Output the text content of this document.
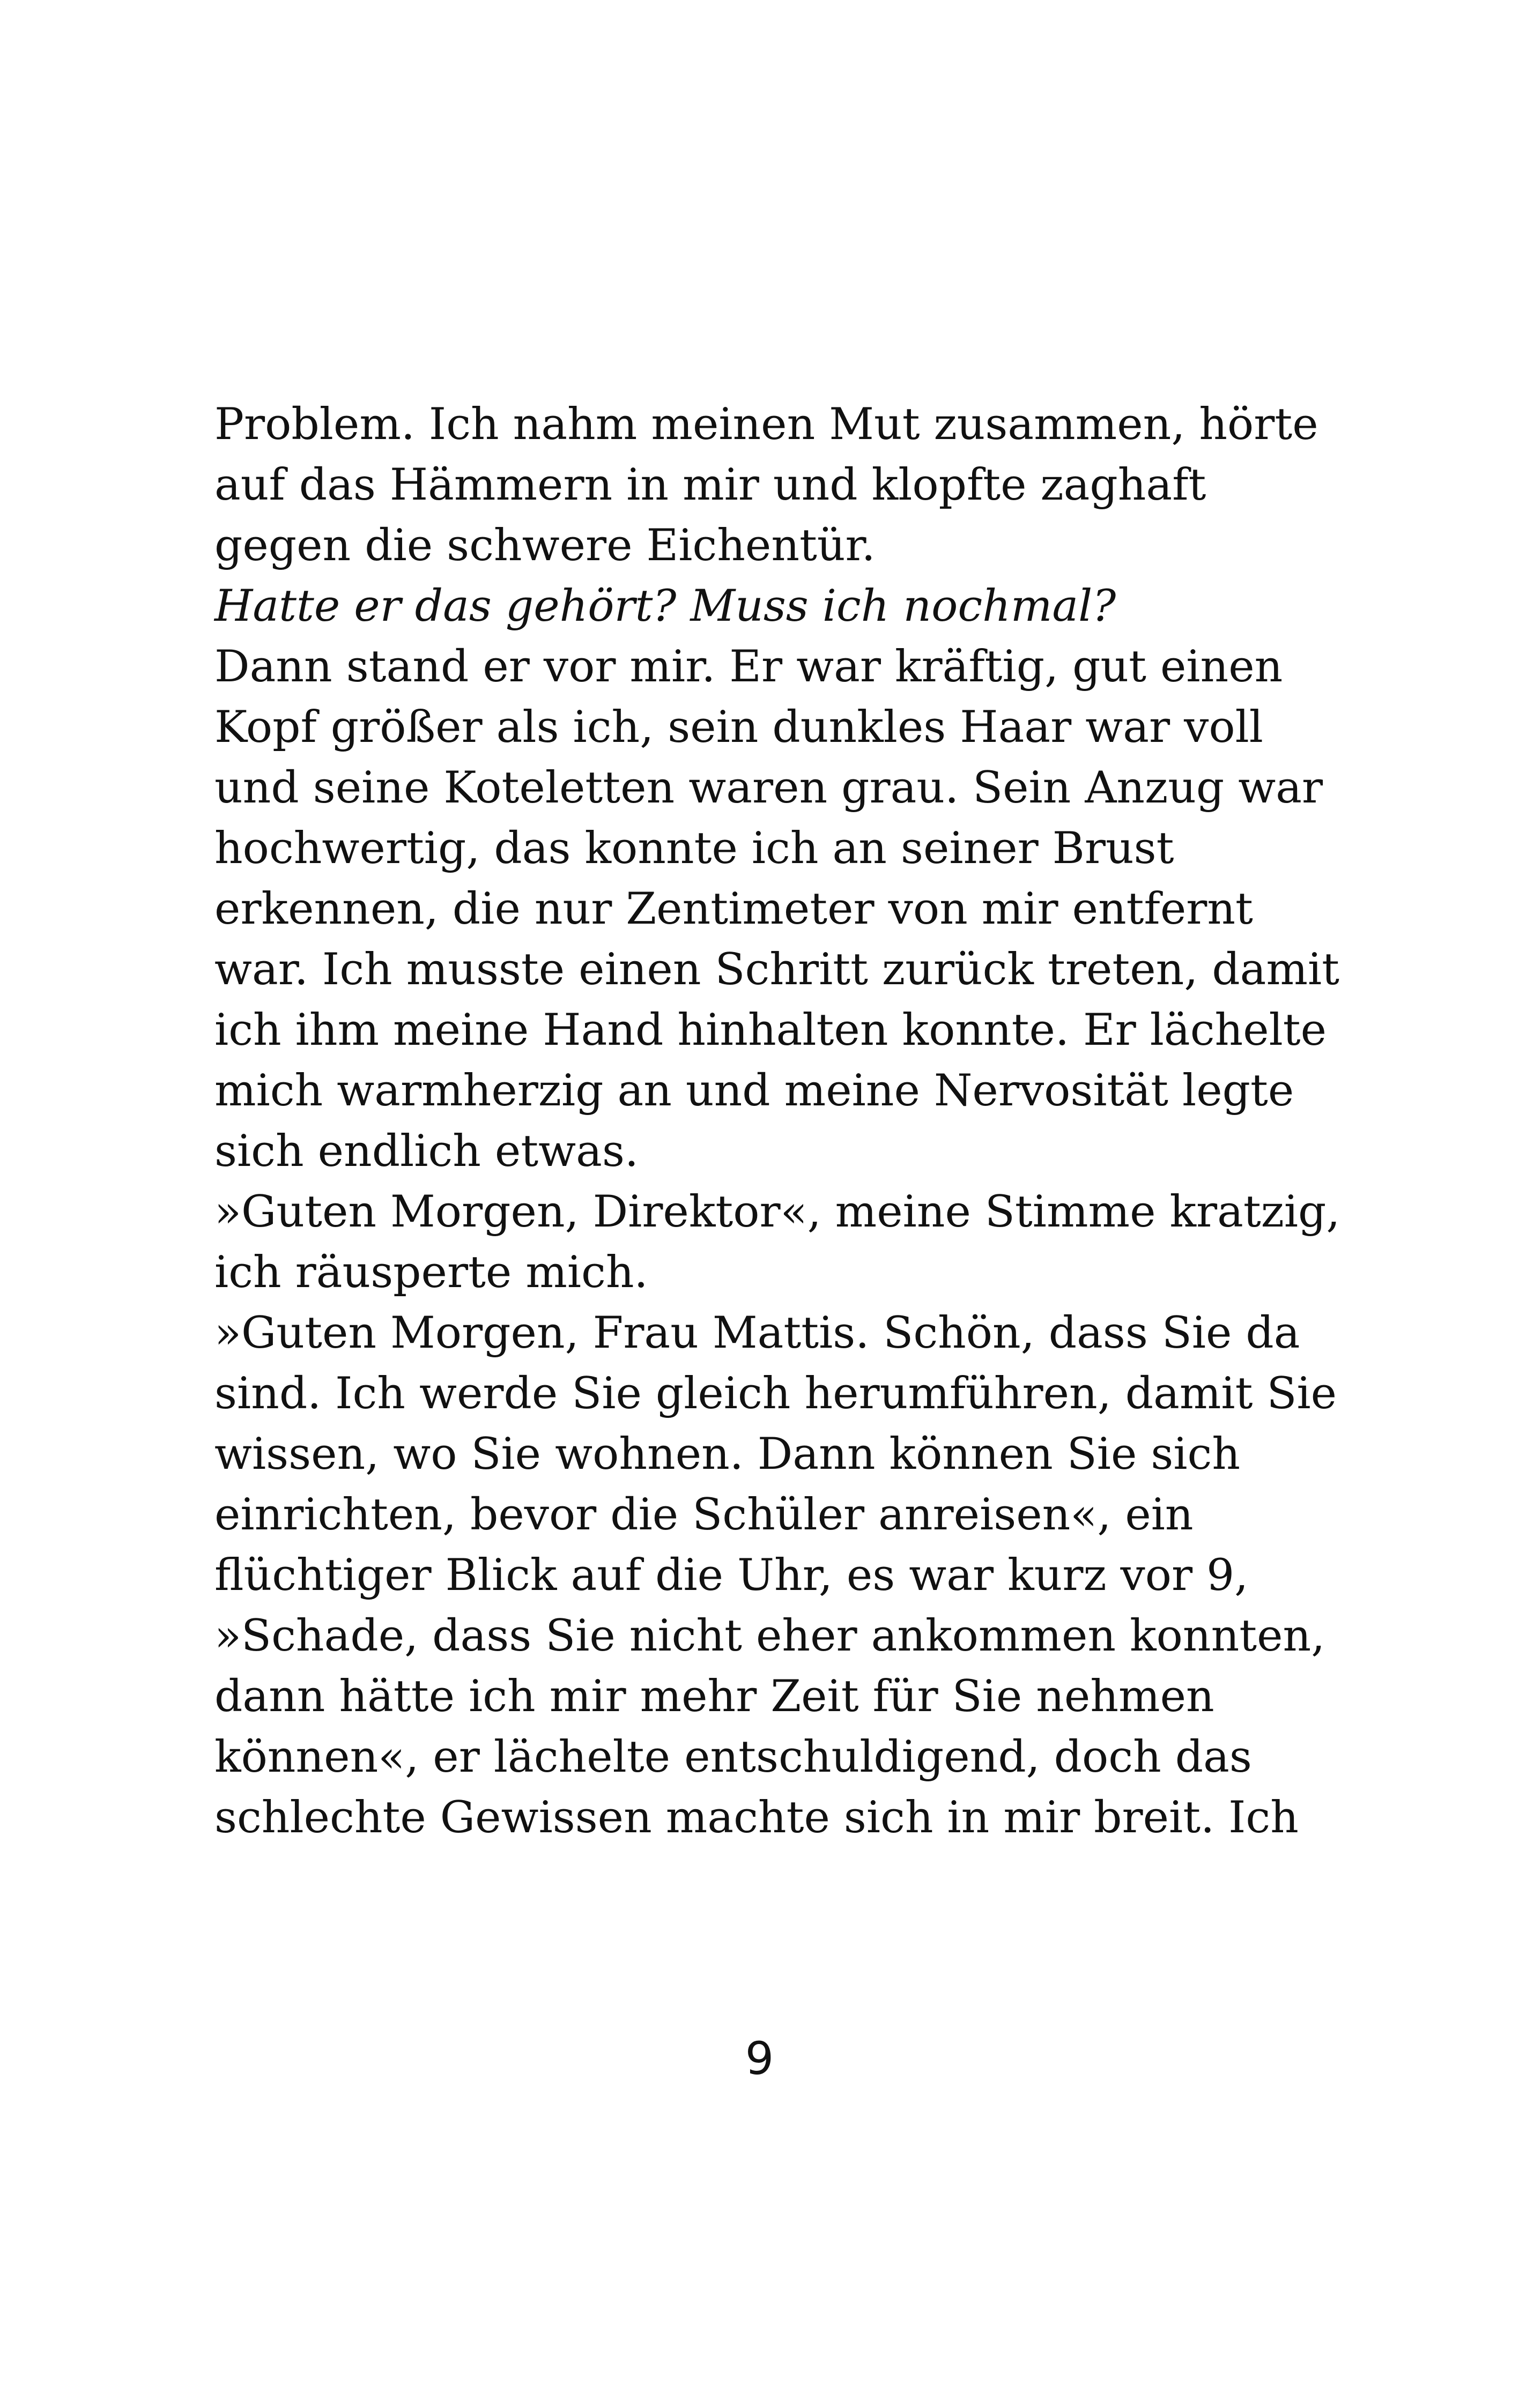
Problem. Ich nahm meinen Mut zusammen, hörte
auf das Hämmern in mir und klopfte zaghaft
gegen die schwere Eichentür.
Hatte er das gehört? Muss ich nochmal?
Dann stand er vor mir. Er war kräftig, gut einen
Kopf größer als ich, sein dunkles Haar war voll
und seine Koteletten waren grau. Sein Anzug war
hochwertig, das konnte ich an seiner Brust
erkennen, die nur Zentimeter von mir entfernt
war. Ich musste einen Schritt zurück treten, damit
ich ihm meine Hand hinhalten konnte. Er lächelte
mich warmherzig an und meine Nervosität legte
sich endlich etwas.
»Guten Morgen, Direktor«, meine Stimme kratzig,
ich räusperte mich.
»Guten Morgen, Frau Mattis. Schön, dass Sie da
sind. Ich werde Sie gleich herumführen, damit Sie
wissen, wo Sie wohnen. Dann können Sie sich
einrichten, bevor die Schüler anreisen«, ein
flüchtiger Blick auf die Uhr, es war kurz vor 9,
»Schade, dass Sie nicht eher ankommen konnten,
dann hätte ich mir mehr Zeit für Sie nehmen
können«, er lächelte entschuldigend, doch das
schlechte Gewissen machte sich in mir breit. Ich
9
